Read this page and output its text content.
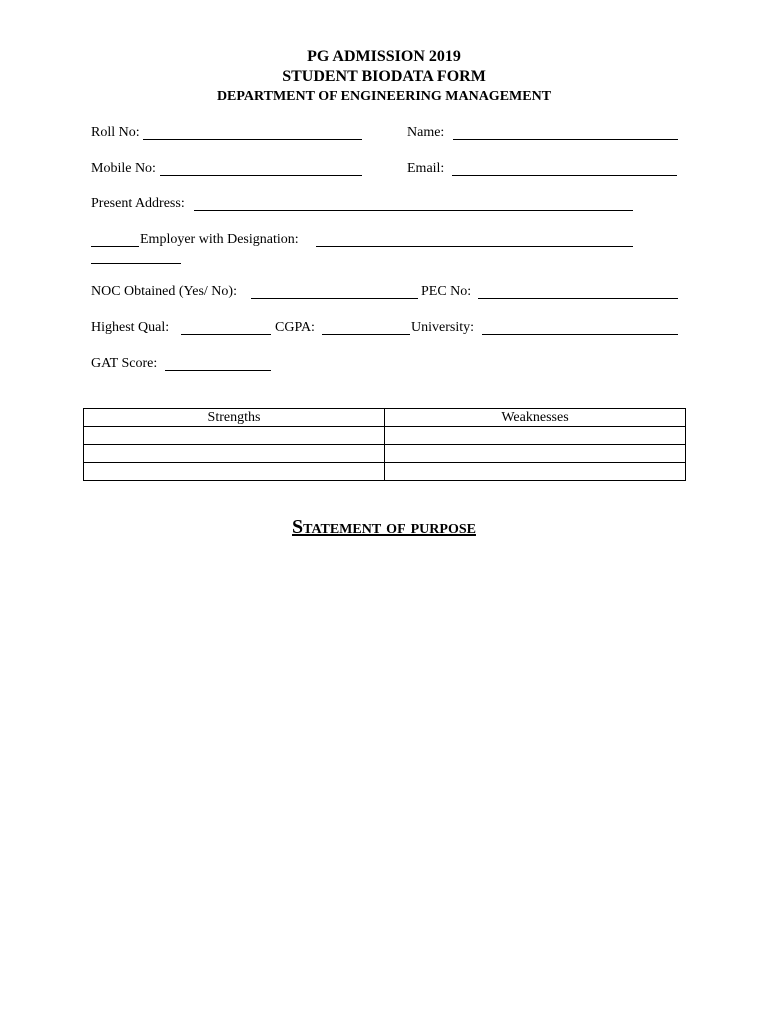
PG ADMISSION 2019
STUDENT BIODATA FORM
DEPARTMENT OF ENGINEERING MANAGEMENT
Roll No:	Name:
Mobile No:	Email:
Present Address:
Employer with Designation:
NOC Obtained (Yes/ No):	PEC No:
Highest Qual:	CGPA:	University:
GAT Score:
Strengths	Weaknesses

Statement of purpose
